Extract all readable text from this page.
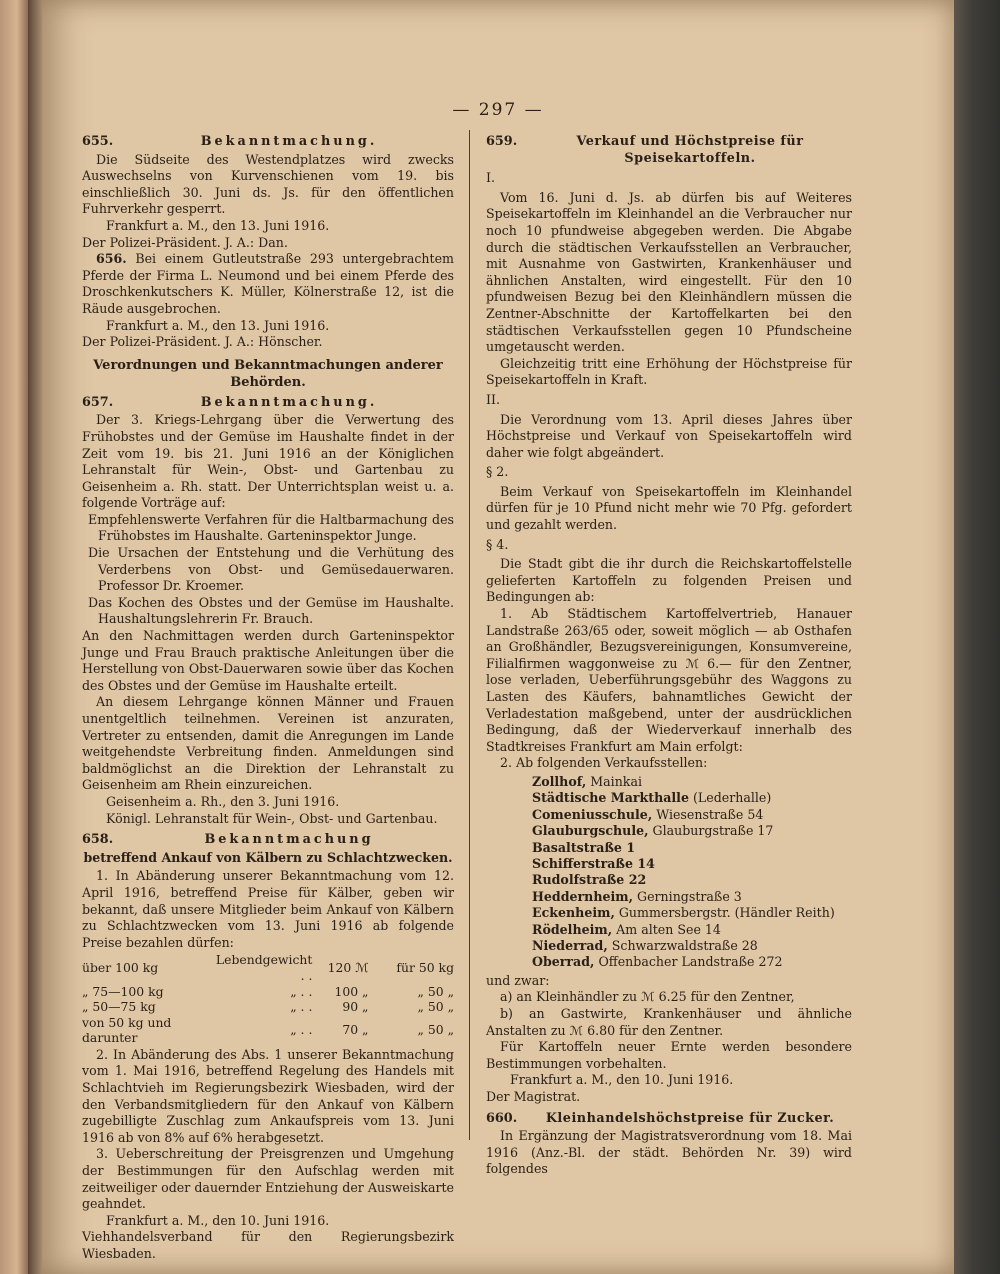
— 297 —
655.	Bekanntmachung.

Die Südseite des Westendplatzes wird zwecks Auswechselns von Kurvenschienen vom 19. bis einschließlich 30. Juni ds. Js. für den öffentlichen Fuhrverkehr gesperrt.

Frankfurt a. M., den 13. Juni 1916.

Der Polizei-Präsident. J. A.: Dan.

656. Bei einem Gutleutstraße 293 untergebrachtem Pferde der Firma L. Neumond und bei einem Pferde des Droschkenkutschers K. Müller, Kölnerstraße 12, ist die Räude ausgebrochen.

Frankfurt a. M., den 13. Juni 1916.

Der Polizei-Präsident. J. A.: Hönscher.

Verordnungen und Bekanntmachungen anderer Behörden.
657.	Bekanntmachung.

Der 3. Kriegs-Lehrgang über die Verwertung des Frühobstes und der Gemüse im Haushalte findet in der Zeit vom 19. bis 21. Juni 1916 an der Königlichen Lehranstalt für Wein-, Obst- und Gartenbau zu Geisenheim a. Rh. statt. Der Unterrichtsplan weist u. a. folgende Vorträge auf:

Empfehlenswerte Verfahren für die Haltbarmachung des Frühobstes im Haushalte. Garteninspektor Junge.

Die Ursachen der Entstehung und die Verhütung des Verderbens von Obst- und Gemüsedauerwaren. Professor Dr. Kroemer.

Das Kochen des Obstes und der Gemüse im Haushalte. Haushaltungslehrerin Fr. Brauch.

An den Nachmittagen werden durch Garteninspektor Junge und Frau Brauch praktische Anleitungen über die Herstellung von Obst-Dauerwaren sowie über das Kochen des Obstes und der Gemüse im Haushalte erteilt.

An diesem Lehrgange können Männer und Frauen unentgeltlich teilnehmen. Vereinen ist anzuraten, Vertreter zu entsenden, damit die Anregungen im Lande weitgehendste Verbreitung finden. Anmeldungen sind baldmöglichst an die Direktion der Lehranstalt zu Geisenheim am Rhein einzureichen.

Geisenheim a. Rh., den 3. Juni 1916.

Königl. Lehranstalt für Wein-, Obst- und Gartenbau.

658.	Bekanntmachung
betreffend Ankauf von Kälbern zu Schlachtzwecken.

1. In Abänderung unserer Bekanntmachung vom 12. April 1916, betreffend Preise für Kälber, geben wir bekannt, daß unsere Mitglieder beim Ankauf von Kälbern zu Schlachtzwecken vom 13. Juni 1916 ab folgende Preise bezahlen dürfen:

über 100 kg	Lebendgewicht . .	120 ℳ	für 50 kg
„ 75—100 kg	„ . .	100 „	„ 50 „
„ 50—75 kg	„ . .	90 „	„ 50 „
von 50 kg und darunter	„ . .	70 „	„ 50 „

2. In Abänderung des Abs. 1 unserer Bekanntmachung vom 1. Mai 1916, betreffend Regelung des Handels mit Schlachtvieh im Regierungsbezirk Wiesbaden, wird der den Verbandsmitgliedern für den Ankauf von Kälbern zugebilligte Zuschlag zum Ankaufspreis vom 13. Juni 1916 ab von 8% auf 6% herabgesetzt.

3. Ueberschreitung der Preisgrenzen und Umgehung der Bestimmungen für den Aufschlag werden mit zeitweiliger oder dauernder Entziehung der Ausweiskarte geahndet.

Frankfurt a. M., den 10. Juni 1916.

Viehhandelsverband für den Regierungsbezirk Wiesbaden.

659.	Verkauf und Höchstpreise für Speisekartoffeln.

I.

Vom 16. Juni d. Js. ab dürfen bis auf Weiteres Speisekartoffeln im Kleinhandel an die Verbraucher nur noch 10 pfundweise abgegeben werden. Die Abgabe durch die städtischen Verkaufsstellen an Verbraucher, mit Ausnahme von Gastwirten, Krankenhäuser und ähnlichen Anstalten, wird eingestellt. Für den 10 pfundweisen Bezug bei den Kleinhändlern müssen die Zentner-Abschnitte der Kartoffelkarten bei den städtischen Verkaufsstellen gegen 10 Pfundscheine umgetauscht werden.

Gleichzeitig tritt eine Erhöhung der Höchstpreise für Speisekartoffeln in Kraft.

II.

Die Verordnung vom 13. April dieses Jahres über Höchstpreise und Verkauf von Speisekartoffeln wird daher wie folgt abgeändert.

§ 2.

Beim Verkauf von Speisekartoffeln im Kleinhandel dürfen für je 10 Pfund nicht mehr wie 70 Pfg. gefordert und gezahlt werden.

§ 4.

Die Stadt gibt die ihr durch die Reichskartoffelstelle gelieferten Kartoffeln zu folgenden Preisen und Bedingungen ab:

1. Ab Städtischem Kartoffelvertrieb, Hanauer Landstraße 263/65 oder, soweit möglich — ab Osthafen an Großhändler, Bezugsvereinigungen, Konsumvereine, Filialfirmen waggonweise zu ℳ 6.— für den Zentner, lose verladen, Ueberführungsgebühr des Waggons zu Lasten des Käufers, bahnamtliches Gewicht der Verladestation maßgebend, unter der ausdrücklichen Bedingung, daß der Wiederverkauf innerhalb des Stadtkreises Frankfurt am Main erfolgt:

2. Ab folgenden Verkaufsstellen:

Zollhof, Mainkai
Städtische Markthalle (Lederhalle)
Comeniusschule, Wiesenstraße 54
Glauburgschule, Glauburgstraße 17
Basaltstraße 1
Schifferstraße 14
Rudolfstraße 22
Heddernheim, Gerningstraße 3
Eckenheim, Gummersbergstr. (Händler Reith)
Rödelheim, Am alten See 14
Niederrad, Schwarzwaldstraße 28
Oberrad, Offenbacher Landstraße 272

und zwar:

a) an Kleinhändler zu ℳ 6.25 für den Zentner,

b) an Gastwirte, Krankenhäuser und ähnliche Anstalten zu ℳ 6.80 für den Zentner.

Für Kartoffeln neuer Ernte werden besondere Bestimmungen vorbehalten.

Frankfurt a. M., den 10. Juni 1916.

Der Magistrat.

660.	Kleinhandelshöchstpreise für Zucker.

In Ergänzung der Magistratsverordnung vom 18. Mai 1916 (Anz.-Bl. der städt. Behörden Nr. 39) wird folgendes
